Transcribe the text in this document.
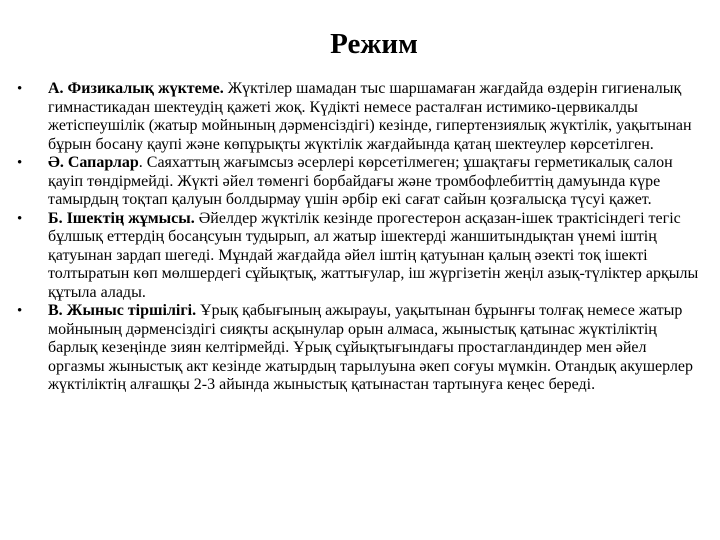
Режим
•	А. Физикалық жүктеме. Жүктілер шамадан тыс шаршамаған жағдайда өздерін гигиеналық гимнастикадан шектеудің қажеті жоқ. Күдікті немесе расталған истимико-цервикалды жетіспеушілік (жатыр мойнының дәрменсіздігі) кезінде, гипертензиялық жүктілік, уақытынан бұрын босану қаупі және көпұрықты жүктілік жағдайында қатаң шектеулер көрсетілген.
•	Ә. Сапарлар. Саяхаттың жағымсыз әсерлері көрсетілмеген; ұшақтағы герметикалық салон қауіп төндірмейді. Жүкті әйел төменгі борбайдағы және тромбофлебиттің дамуында күре тамырдың тоқтап қалуын болдырмау үшін әрбір екі сағат сайын қозғалысқа түсуі қажет.
•	Б. Ішектің жұмысы. Әйелдер жүктілік кезінде прогестерон асқазан-ішек трактісіндегі тегіс бұлшық еттердің босаңсуын тудырып, ал жатыр ішектерді жаншитындықтан үнемі іштің қатуынан зардап шегеді. Мұндай жағдайда әйел іштің қатуынан қалың әзекті тоқ ішекті толтыратын көп мөлшердегі сұйықтық, жаттығулар, іш жүргізетін жеңіл азық-түліктер арқылы құтыла алады.
•	В. Жыныс тіршілігі. Ұрық қабығының ажырауы, уақытынан бұрынғы толғақ немесе жатыр мойнының дәрменсіздігі сияқты асқынулар орын алмаса, жыныстық қатынас жүктіліктің барлық кезеңінде зиян келтірмейді. Ұрық сұйықтығындағы простагландиндер мен әйел оргазмы жыныстық акт кезінде жатырдың тарылуына әкеп соғуы мүмкін. Отандық акушерлер жүктіліктің алғашқы 2-3 айында жыныстық қатынастан тартынуға кеңес береді.
